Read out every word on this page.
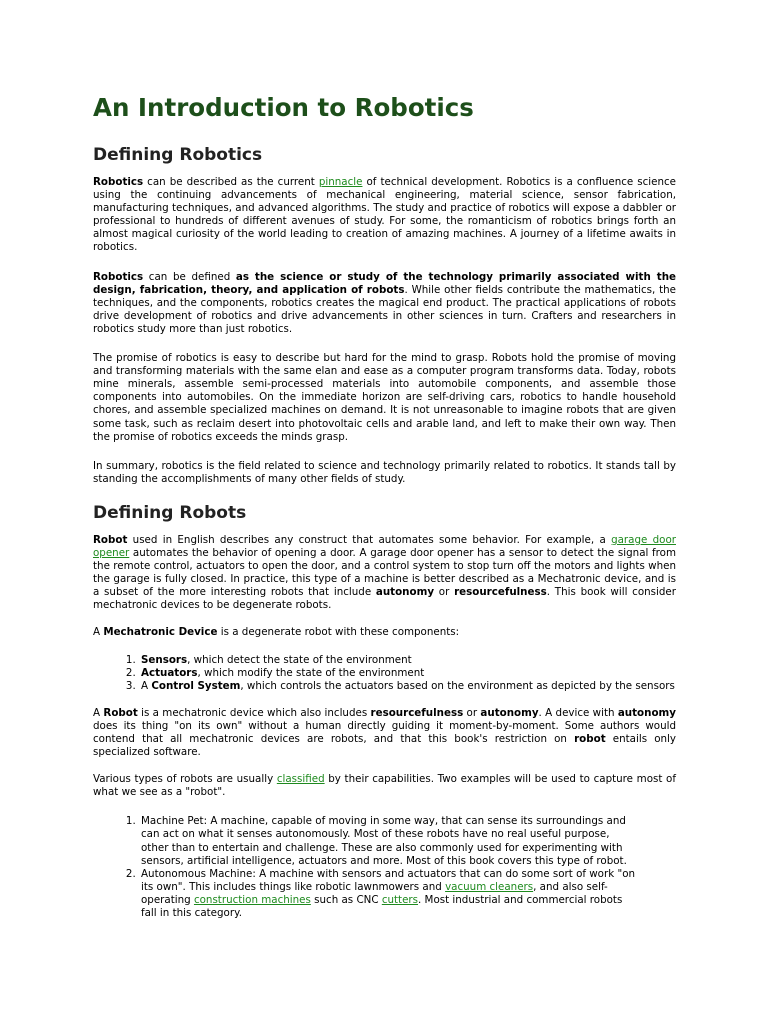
An Introduction to Robotics
Defining Robotics

Robotics can be described as the current pinnacle of technical development. Robotics is a confluence science using the continuing advancements of mechanical engineering, material science, sensor fabrication, manufacturing techniques, and advanced algorithms. The study and practice of robotics will expose a dabbler or professional to hundreds of different avenues of study. For some, the romanticism of robotics brings forth an almost magical curiosity of the world leading to creation of amazing machines. A journey of a lifetime awaits in robotics.

Robotics can be defined as the science or study of the technology primarily associated with the design, fabrication, theory, and application of robots. While other fields contribute the mathematics, the techniques, and the components, robotics creates the magical end product. The practical applications of robots drive development of robotics and drive advancements in other sciences in turn. Crafters and researchers in robotics study more than just robotics.

The promise of robotics is easy to describe but hard for the mind to grasp. Robots hold the promise of moving and transforming materials with the same elan and ease as a computer program transforms data. Today, robots mine minerals, assemble semi-processed materials into automobile components, and assemble those components into automobiles. On the immediate horizon are self-driving cars, robotics to handle household chores, and assemble specialized machines on demand. It is not unreasonable to imagine robots that are given some task, such as reclaim desert into photovoltaic cells and arable land, and left to make their own way. Then the promise of robotics exceeds the minds grasp.

In summary, robotics is the field related to science and technology primarily related to robotics. It stands tall by standing the accomplishments of many other fields of study.

Defining Robots

Robot used in English describes any construct that automates some behavior. For example, a garage door opener automates the behavior of opening a door. A garage door opener has a sensor to detect the signal from the remote control, actuators to open the door, and a control system to stop turn off the motors and lights when the garage is fully closed. In practice, this type of a machine is better described as a Mechatronic device, and is a subset of the more interesting robots that include autonomy or resourcefulness. This book will consider mechatronic devices to be degenerate robots.

A Mechatronic Device is a degenerate robot with these components:

1. Sensors, which detect the state of the environment
2. Actuators, which modify the state of the environment
3. A Control System, which controls the actuators based on the environment as depicted by the sensors

A Robot is a mechatronic device which also includes resourcefulness or autonomy. A device with autonomy does its thing "on its own" without a human directly guiding it moment-by-moment. Some authors would contend that all mechatronic devices are robots, and that this book's restriction on robot entails only specialized software.

Various types of robots are usually classified by their capabilities. Two examples will be used to capture most of what we see as a "robot".

1. Machine Pet: A machine, capable of moving in some way, that can sense its surroundings and can act on what it senses autonomously. Most of these robots have no real useful purpose, other than to entertain and challenge. These are also commonly used for experimenting with sensors, artificial intelligence, actuators and more. Most of this book covers this type of robot.
2. Autonomous Machine: A machine with sensors and actuators that can do some sort of work "on its own". This includes things like robotic lawnmowers and vacuum cleaners, and also self-operating construction machines such as CNC cutters. Most industrial and commercial robots fall in this category.
